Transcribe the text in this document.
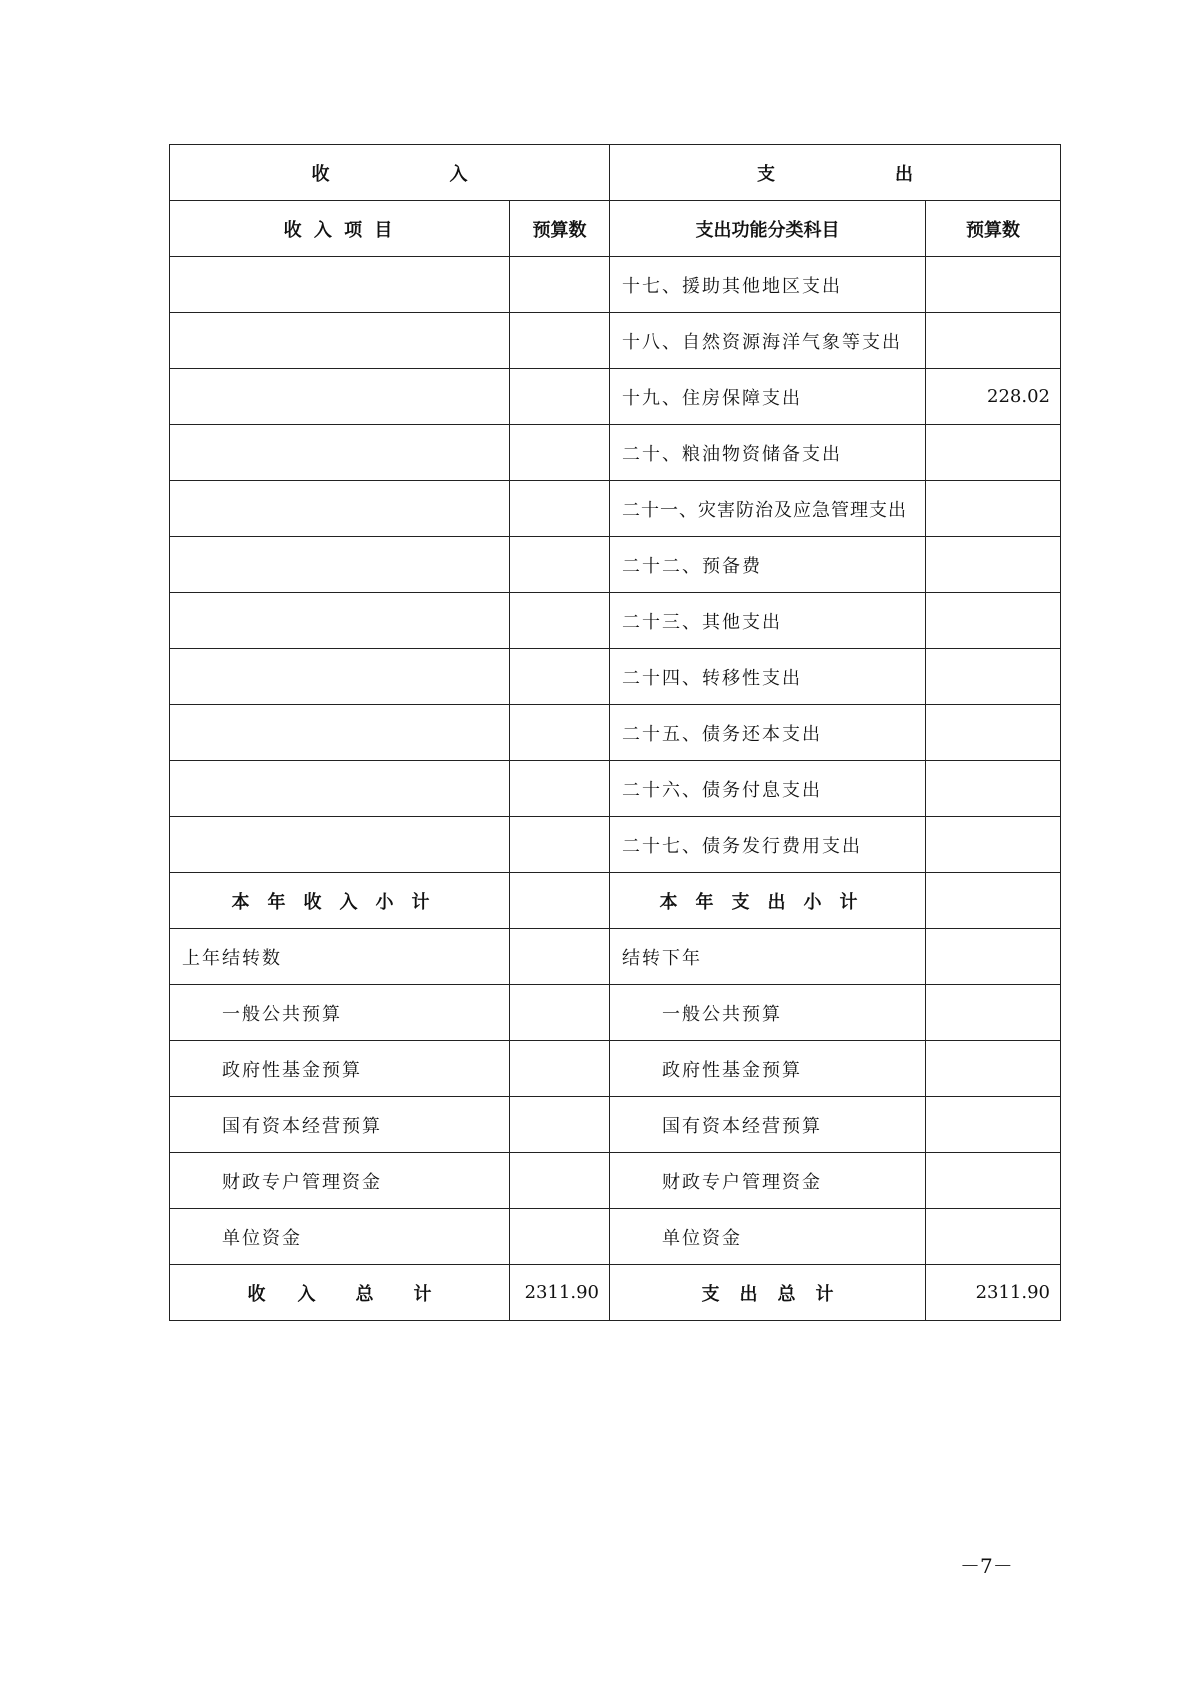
收 入		支 出	
收 入 项 目	预算数	支出功能分类科目	预算数
		十七、援助其他地区支出	
		十八、自然资源海洋气象等支出	
		十九、住房保障支出	228.02
		二十、粮油物资储备支出	
		二十一、灾害防治及应急管理支出	
		二十二、预备费	
		二十三、其他支出	
		二十四、转移性支出	
		二十五、债务还本支出	
		二十六、债务付息支出	
		二十七、债务发行费用支出	
本年收入小计		本年支出小计	
上年结转数		结转下年	
一般公共预算		一般公共预算	
政府性基金预算		政府性基金预算	
国有资本经营预算		国有资本经营预算	
财政专户管理资金		财政专户管理资金	
单位资金		单位资金	
收 入 总 计	2311.90	支 出 总 计	2311.90
－7－
